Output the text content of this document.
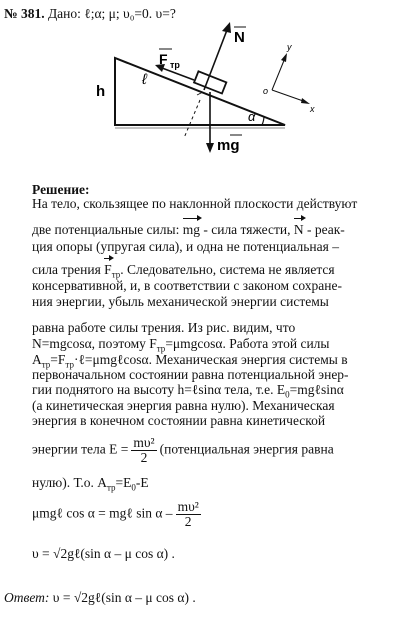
№ 381. Дано: ℓ;α; μ; υ₀=0. υ=?
h
ℓ
F тр
N
mg
α
o
x
y
Решение:
На тело, скользящее по наклонной плоскости действуют
две потенциальные силы: mg - сила тяжести, N - реак-
ция опоры (упругая сила), и одна не потенциальная –
сила трения $F_{тр}$. Следовательно, система не является
консервативной, и, в соответствии с законом сохране-
ния энергии, убыль механической энергии системы
равна работе силы трения. Из рис. видим, что
N=mgcosα, поэтому $F_{тр}=\mu mgcos\alpha$. Работа этой силы
$A_{тр}=F_{тр}\cdot\ell=\mu mg\ell\cos\alpha$. Механическая энергия системы в
первоначальном состоянии равна потенциальной энер-
гии поднятого на высоту h=ℓsinα тела, т.е. $E_0=mg\ell\sin\alpha$
(а кинетическая энергия равна нулю). Механическая
энергия в конечном состоянии равна кинетической
энергии тела $E = \frac{\text{mυ²}}{2}$ (потенциальная энергия равна
нулю). Т.о. $A_{тр}=E_0-E$
μmgℓ cos α = mgℓ sin α – $\frac{\text{mυ²}}{2}$
υ = √2gℓ(sin α – μ cos α) .
Ответ: υ = √2gℓ(sin α – μ cos α) .
